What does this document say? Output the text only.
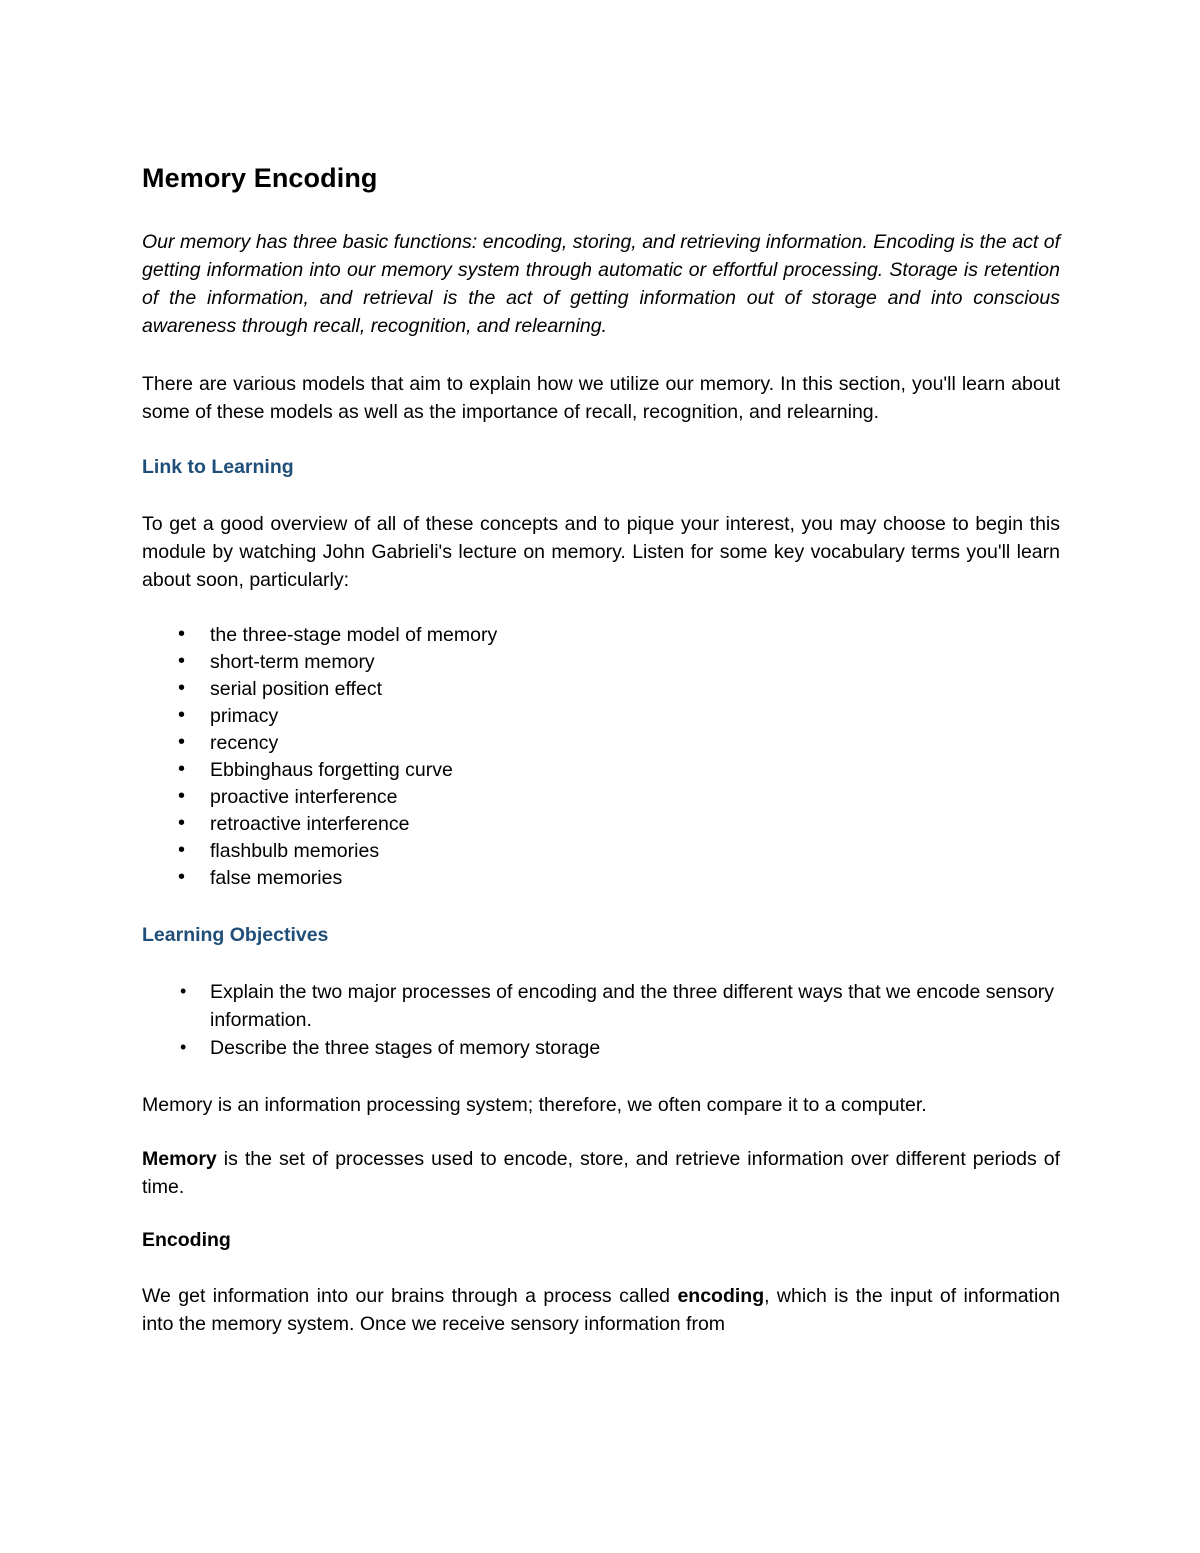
Memory Encoding

Our memory has three basic functions: encoding, storing, and retrieving information. Encoding is the act of getting information into our memory system through automatic or effortful processing. Storage is retention of the information, and retrieval is the act of getting information out of storage and into conscious awareness through recall, recognition, and relearning.

There are various models that aim to explain how we utilize our memory. In this section, you'll learn about some of these models as well as the importance of recall, recognition, and relearning.

Link to Learning

To get a good overview of all of these concepts and to pique your interest, you may choose to begin this module by watching John Gabrieli's lecture on memory. Listen for some key vocabulary terms you'll learn about soon, particularly:

• the three-stage model of memory
• short-term memory
• serial position effect
• primacy
• recency
• Ebbinghaus forgetting curve
• proactive interference
• retroactive interference
• flashbulb memories
• false memories
Learning Objectives
• Explain the two major processes of encoding and the three different ways that we encode sensory information.
• Describe the three stages of memory storage

Memory is an information processing system; therefore, we often compare it to a computer.

Memory is the set of processes used to encode, store, and retrieve information over different periods of time.

Encoding

We get information into our brains through a process called encoding, which is the input of information into the memory system. Once we receive sensory information from
